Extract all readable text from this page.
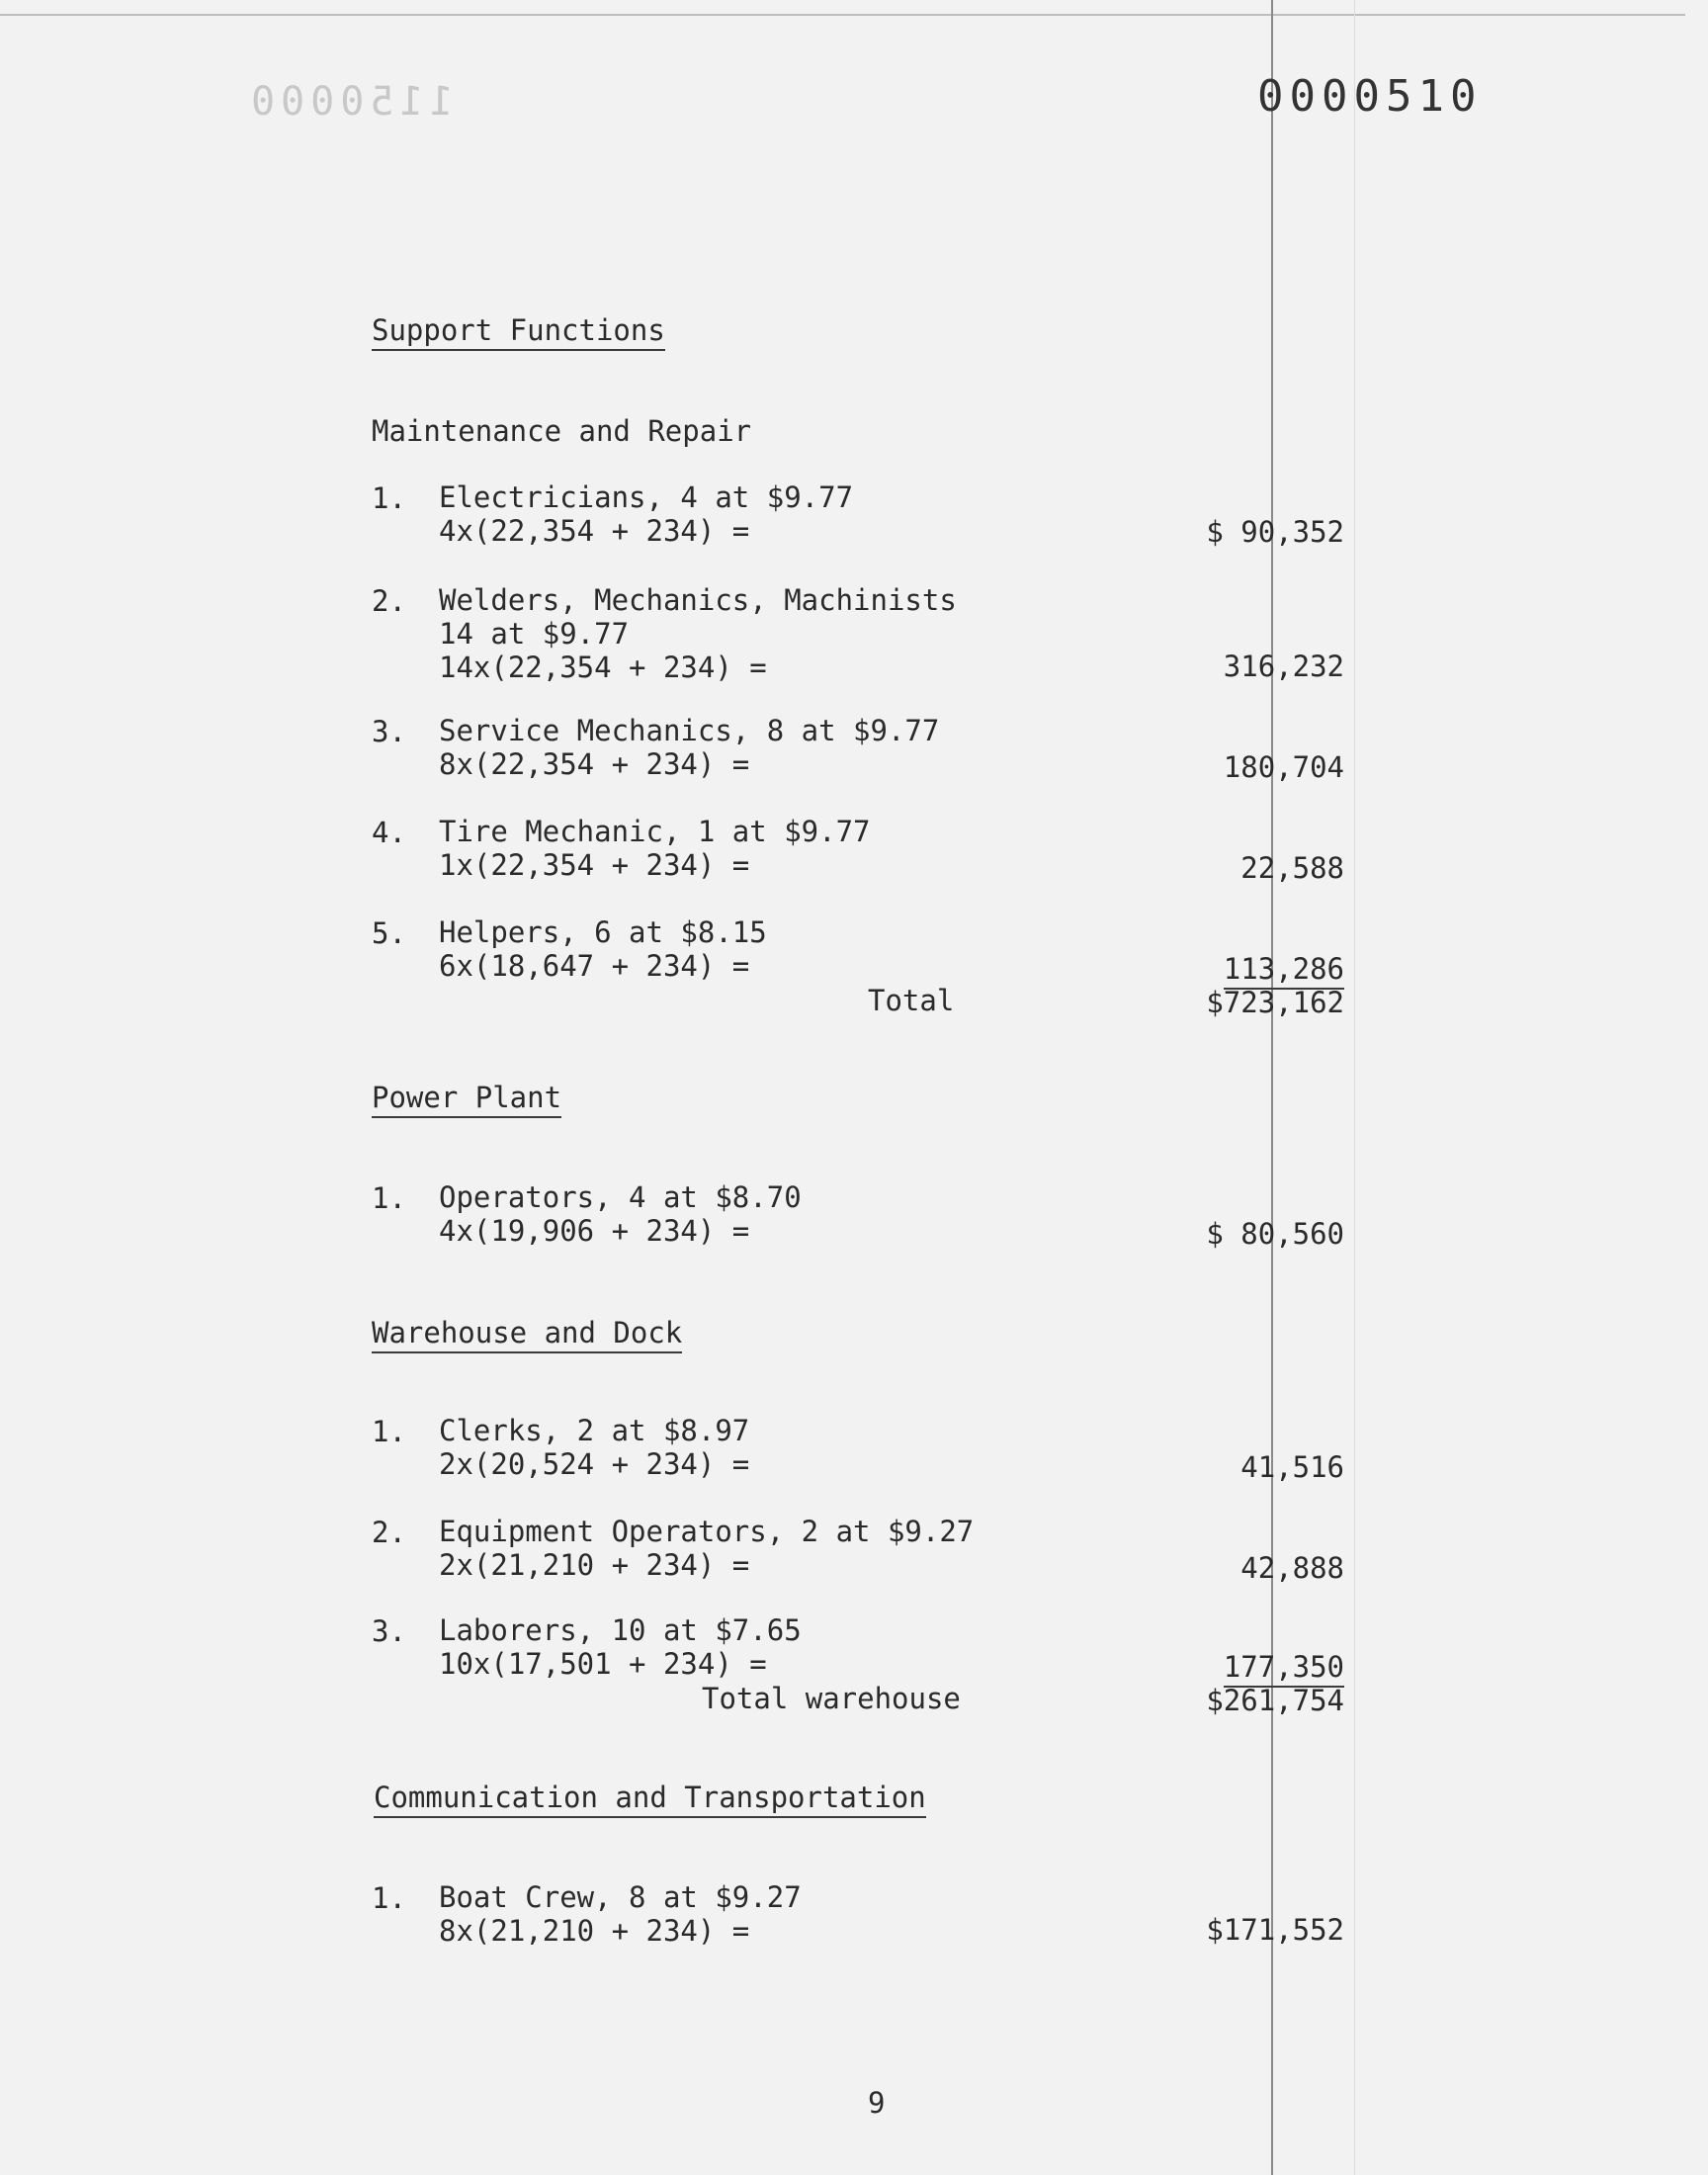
1150000	0000510
Support Functions
Maintenance and Repair
1. Electricians, 4 at $9.77
4x(22,354 + 234) =	$ 90,352
2. Welders, Mechanics, Machinists
14 at $9.77
14x(22,354 + 234) =	316,232
3. Service Mechanics, 8 at $9.77
8x(22,354 + 234) =	180,704
4. Tire Mechanic, 1 at $9.77
1x(22,354 + 234) =	22,588
5. Helpers, 6 at $8.15
6x(18,647 + 234) =	113,286
Total	$723,162
Power Plant
1. Operators, 4 at $8.70
4x(19,906 + 234) =	$ 80,560
Warehouse and Dock
1. Clerks, 2 at $8.97
2x(20,524 + 234) =	41,516
2. Equipment Operators, 2 at $9.27
2x(21,210 + 234) =	42,888
3. Laborers, 10 at $7.65
10x(17,501 + 234) =	177,350
Total warehouse	$261,754
Communication and Transportation
1. Boat Crew, 8 at $9.27
8x(21,210 + 234) =	$171,552
9
